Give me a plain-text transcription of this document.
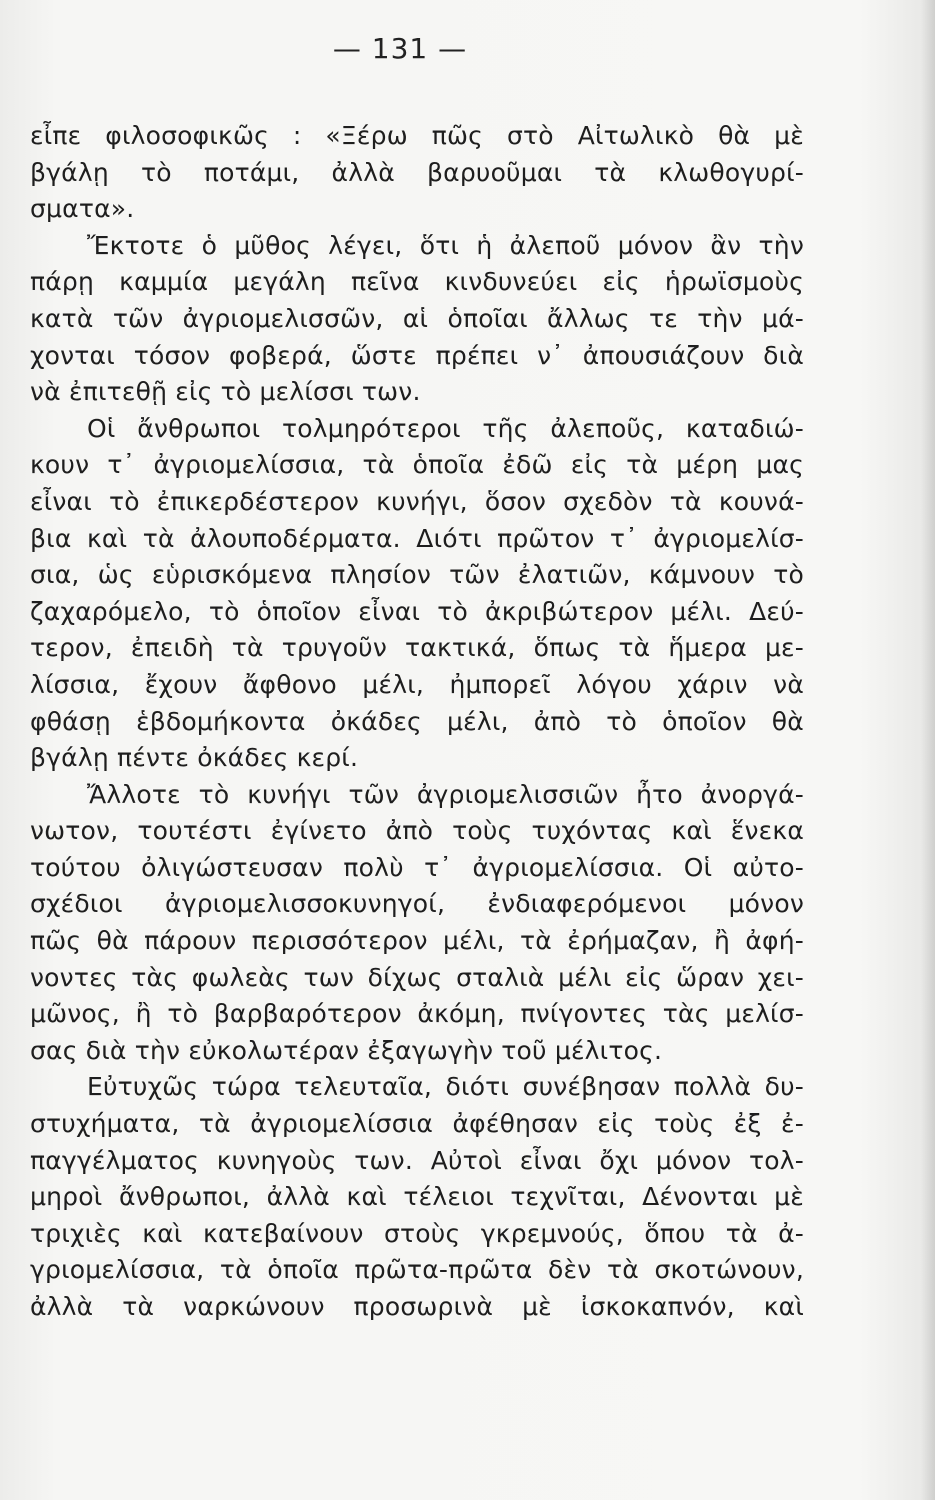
— 131 —
εἶπε φιλοσοφικῶς : «Ξέρω πῶς στὸ Αἰτωλικὸ θὰ μὲ
βγάλῃ τὸ ποτάμι, ἀλλὰ βαρυοῦμαι τὰ κλωθογυρί-
σματα».
Ἔκτοτε ὁ μῦθος λέγει, ὅτι ἡ ἀλεποῦ μόνον ἂν τὴν
πάρῃ καμμία μεγάλη πεῖνα κινδυνεύει εἰς ἡρωϊσμοὺς
κατὰ τῶν ἀγριομελισσῶν, αἱ ὁποῖαι ἄλλως τε τὴν μά-
χονται τόσον φοβερά, ὥστε πρέπει ν᾽ ἀπουσιάζουν διὰ
νὰ ἐπιτεθῇ εἰς τὸ μελίσσι των.
Οἱ ἄνθρωποι τολμηρότεροι τῆς ἀλεποῦς, καταδιώ-
κουν τ᾽ ἀγριομελίσσια, τὰ ὁποῖα ἐδῶ εἰς τὰ μέρη μας
εἶναι τὸ ἐπικερδέστερον κυνήγι, ὅσον σχεδὸν τὰ κουνά-
βια καὶ τὰ ἀλουποδέρματα. Διότι πρῶτον τ᾽ ἀγριομελίσ-
σια, ὡς εὑρισκόμενα πλησίον τῶν ἐλατιῶν, κάμνουν τὸ
ζαχαρόμελο, τὸ ὁποῖον εἶναι τὸ ἀκριβώτερον μέλι. Δεύ-
τερον, ἐπειδὴ τὰ τρυγοῦν τακτικά, ὅπως τὰ ἥμερα με-
λίσσια, ἔχουν ἄφθονο μέλι, ἠμπορεῖ λόγου χάριν νὰ
φθάσῃ ἑβδομήκοντα ὀκάδες μέλι, ἀπὸ τὸ ὁποῖον θὰ
βγάλῃ πέντε ὀκάδες κερί.
Ἄλλοτε τὸ κυνήγι τῶν ἀγριομελισσιῶν ἦτο ἀνοργά-
νωτον, τουτέστι ἐγίνετο ἀπὸ τοὺς τυχόντας καὶ ἕνεκα
τούτου ὀλιγώστευσαν πολὺ τ᾽ ἀγριομελίσσια. Οἱ αὐτο-
σχέδιοι ἀγριομελισσοκυνηγοί, ἐνδιαφερόμενοι μόνον
πῶς θὰ πάρουν περισσότερον μέλι, τὰ ἐρήμαζαν, ἢ ἀφή-
νοντες τὰς φωλεὰς των δίχως σταλιὰ μέλι εἰς ὥραν χει-
μῶνος, ἢ τὸ βαρβαρότερον ἀκόμη, πνίγοντες τὰς μελίσ-
σας διὰ τὴν εὐκολωτέραν ἐξαγωγὴν τοῦ μέλιτος.
Εὐτυχῶς τώρα τελευταῖα, διότι συνέβησαν πολλὰ δυ-
στυχήματα, τὰ ἀγριομελίσσια ἀφέθησαν εἰς τοὺς ἐξ ἐ-
παγγέλματος κυνηγοὺς των. Αὐτοὶ εἶναι ὄχι μόνον τολ-
μηροὶ ἄνθρωποι, ἀλλὰ καὶ τέλειοι τεχνῖται, Δένονται μὲ
τριχιὲς καὶ κατεβαίνουν στοὺς γκρεμνούς, ὅπου τὰ ἀ-
γριομελίσσια, τὰ ὁποῖα πρῶτα-πρῶτα δὲν τὰ σκοτώνουν,
ἀλλὰ τὰ ναρκώνουν προσωρινὰ μὲ ἰσκοκαπνόν, καὶ
